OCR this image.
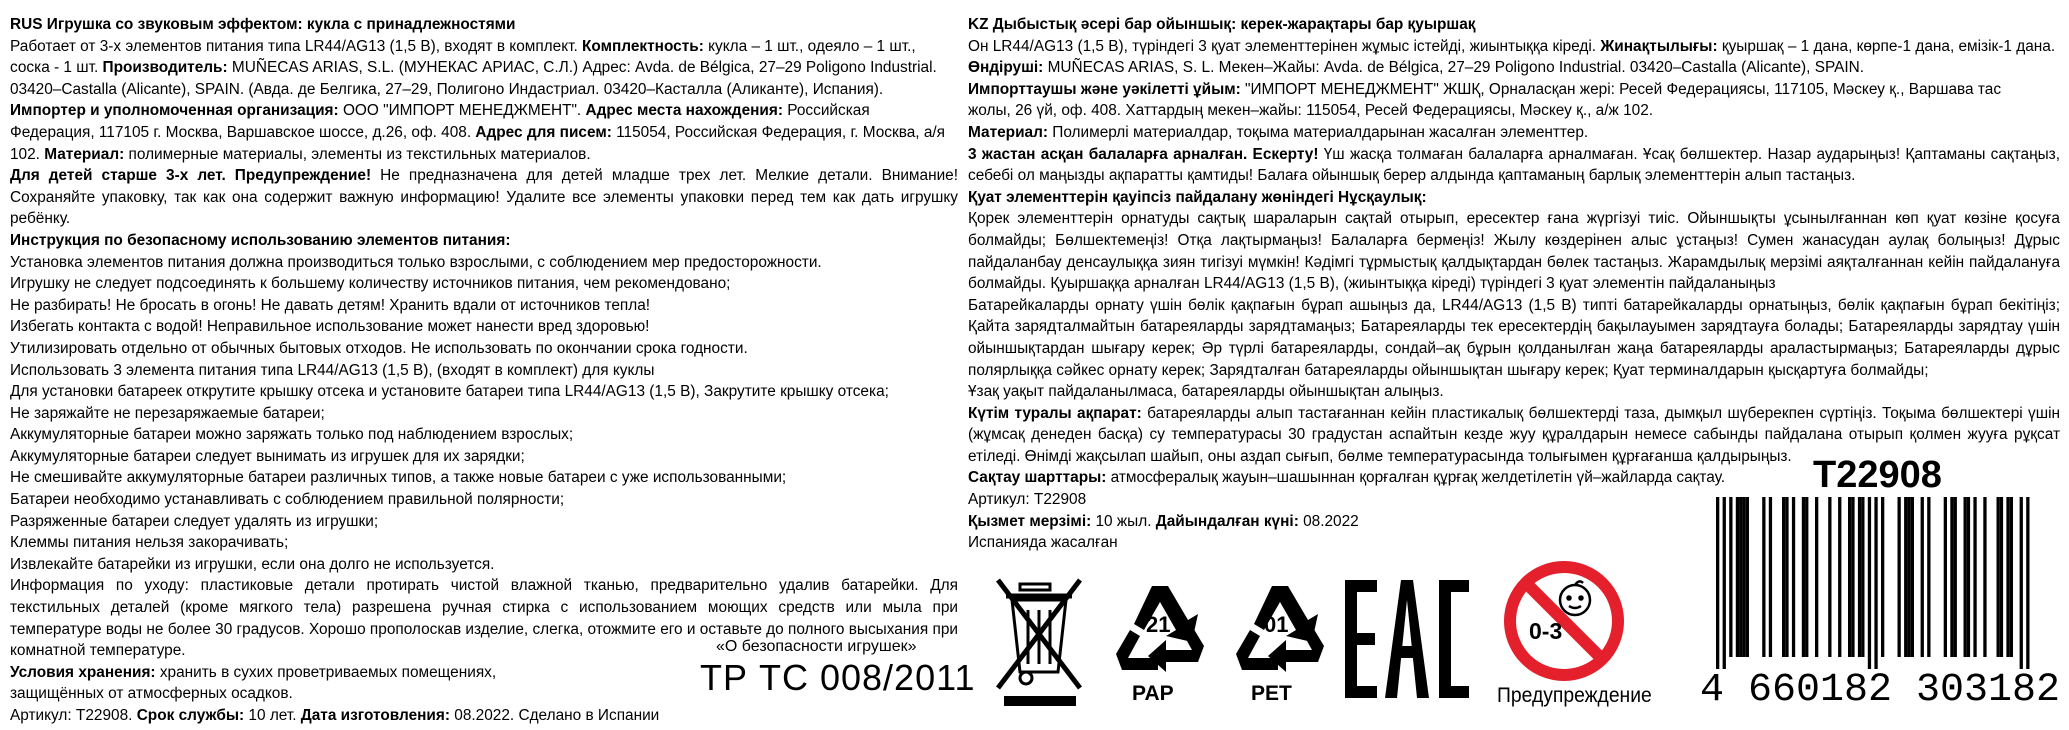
RUS Игрушка со звуковым эффектом: кукла с принадлежностями
Работает от 3-х элементов питания типа LR44/AG13 (1,5 В), входят в комплект. Комплектность: кукла – 1 шт., одеяло – 1 шт.,
соска - 1 шт. Производитель: MUÑECAS ARIAS, S.L. (МУНЕКАС АРИАС, С.Л.) Адрес: Avda. de Bélgica, 27–29 Poligono Industrial.
03420–Castalla (Alicante), SPAIN. (Авда. де Белгика, 27–29, Полигоно Индастриал. 03420–Касталла (Аликанте), Испания).
Импортер и уполномоченная организация: ООО "ИМПОРТ МЕНЕДЖМЕНТ". Адрес места нахождения: Российская
Федерация, 117105 г. Москва, Варшавское шоссе, д.26, оф. 408. Адрес для писем: 115054, Российская Федерация, г. Москва, а/я
102. Материал: полимерные материалы, элементы из текстильных материалов.
Для детей старше 3-х лет. Предупреждение! Не предназначена для детей младше трех лет. Мелкие детали. Внимание! Сохраняйте упаковку, так как она содержит важную информацию! Удалите все элементы упаковки перед тем как дать игрушку ребёнку.
Инструкция по безопасному использованию элементов питания:
Установка элементов питания должна производиться только взрослыми, с соблюдением мер предосторожности.
Игрушку не следует подсоединять к большему количеству источников питания, чем рекомендовано;
Не разбирать! Не бросать в огонь! Не давать детям! Хранить вдали от источников тепла!
Избегать контакта с водой! Неправильное использование может нанести вред здоровью!
Утилизировать отдельно от обычных бытовых отходов. Не использовать по окончании срока годности.
Использовать 3 элемента питания типа LR44/AG13 (1,5 В), (входят в комплект) для куклы
Для установки батареек открутите крышку отсека и установите батареи типа LR44/AG13 (1,5 В), Закрутите крышку отсека;
Не заряжайте не перезаряжаемые батареи;
Аккумуляторные батареи можно заряжать только под наблюдением взрослых;
Аккумуляторные батареи следует вынимать из игрушек для их зарядки;
Не смешивайте аккумуляторные батареи различных типов, а также новые батареи с уже использованными;
Батареи необходимо устанавливать с соблюдением правильной полярности;
Разряженные батареи следует удалять из игрушки;
Клеммы питания нельзя закорачивать;
Извлекайте батарейки из игрушки, если она долго не используется.
Информация по уходу: пластиковые детали протирать чистой влажной тканью, предварительно удалив батарейки. Для текстильных деталей (кроме мягкого тела) разрешена ручная стирка с использованием моющих средств или мыла при температуре воды не более 30 градусов. Хорошо прополоскав изделие, слегка, отожмите его и оставьте до полного высыхания при комнатной температуре.
Условия хранения: хранить в сухих проветриваемых помещениях,
защищённых от атмосферных осадков.
Артикул: Т22908. Срок службы: 10 лет. Дата изготовления: 08.2022. Сделано в Испании
«О безопасности игрушек»
ТР ТС 008/2011
KZ Дыбыстық әсері бар ойыншық: керек-жарақтары бар қуыршақ
Он LR44/AG13 (1,5 В), түрiндегi 3 қуат элементтерінен жұмыс істейді, жиынтыққа кіреді. Жинақтылығы: қуыршақ – 1 дана, көрпе-1 дана, емізік-1 дана.
Өндіруші: MUÑECAS ARIAS, S. L. Мекен–Жайы: Avda. de Bélgica, 27–29 Poligono Industrial. 03420–Castalla (Alicante), SPAIN.
Импорттаушы және уәкілетті ұйым: "ИМПОРТ МЕНЕДЖМЕНТ" ЖШҚ, Орналасқан жері: Ресей Федерациясы, 117105, Мәскеу қ., Варшава тас
жолы, 26 үй, оф. 408. Хаттардың мекен–жайы: 115054, Ресей Федерациясы, Мәскеу қ., а/ж 102.
Материал: Полимерлі материалдар, тоқыма материалдарынан жасалған элементтер.
3 жастан асқан балаларға арналған. Ескерту! Үш жасқа толмаған балаларға арналмаған. Ұсақ бөлшектер. Назар аударыңыз! Қаптаманы сақтаңыз, себебі ол маңызды ақпаратты қамтиды! Балаға ойыншық берер алдында қаптаманың барлық элементтерін алып тастаңыз.
Қуат элементтерін қауіпсіз пайдалану жөніндегі Нұсқаулық:
Қорек элементтерін орнатуды сақтық шараларын сақтай отырып, ересектер ғана жүргізуі тиіс. Ойыншықты ұсынылғаннан көп қуат көзіне қосуға болмайды; Бөлшектемеңіз! Отқа лақтырмаңыз! Балаларға бермеңіз! Жылу көздерінен алыс ұстаңыз! Сумен жанасудан аулақ болыңыз! Дұрыс пайдаланбау денсаулыққа зиян тигізуі мүмкін! Кәдімгі тұрмыстық қалдықтардан бөлек тастаңыз. Жарамдылық мерзімі аяқталғаннан кейін пайдалануға болмайды. Қуыршаққа арналған LR44/AG13 (1,5 В), (жиынтыққа кіреді) түріндегі 3 қуат элементін пайдаланыңыз
Батарейкаларды орнату үшін бөлік қақпағын бұрап ашыңыз да, LR44/AG13 (1,5 В) типті батарейкаларды орнатыңыз, бөлік қақпағын бұрап бекітіңіз; Қайта зарядталмайтын батареяларды зарядтамаңыз; Батареяларды тек ересектердің бақылауымен зарядтауға болады; Батареяларды зарядтау үшін ойыншықтардан шығару керек; Әр түрлі батареяларды, сондай–ақ бұрын қолданылған жаңа батареяларды араластырмаңыз; Батареяларды дұрыс полярлыққа сәйкес орнату керек; Зарядталған батареяларды ойыншықтан шығару керек; Қуат терминалдарын қысқартуға болмайды;
Ұзақ уақыт пайдаланылмаса, батареяларды ойыншықтан алыңыз.
Күтім туралы ақпарат: батареяларды алып тастағаннан кейін пластикалық бөлшектерді таза, дымқыл шүберекпен сүртіңіз. Тоқыма бөлшектері үшін (жұмсақ денеден басқа) су температурасы 30 градустан аспайтын кезде жуу құралдарын немесе сабынды пайдалана отырып қолмен жууға рұқсат етіледі. Өнімді жақсылап шайып, оны аздап сығып, бөлме температурасында толығымен құрғағанша қалдырыңыз.
Сақтау шарттары: атмосфералық жауын–шашыннан қорғалған құрғақ желдетілетін үй–жайларда сақтау.
Артикул: Т22908
Қызмет мерзімі: 10 жыл. Дайындалған күні: 08.2022
Испанияда жасалған
21
PAP
01
PET
0-3
Предупреждение
T22908
4 660182 303182
